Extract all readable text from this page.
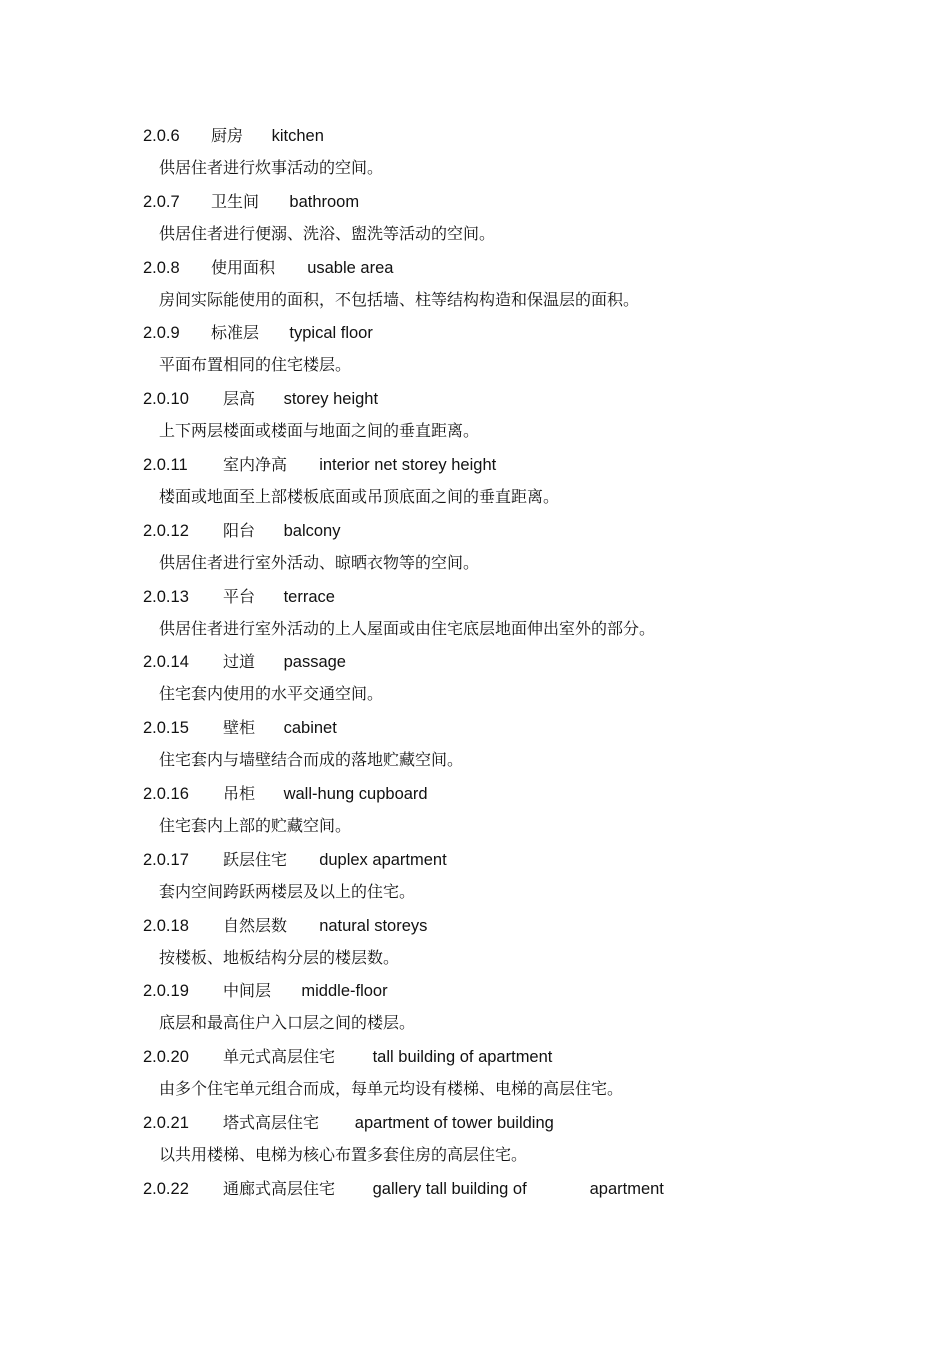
2.0.6 厨房 kitchen
供居住者进行炊事活动的空间。
2.0.7 卫生间 bathroom
供居住者进行便溺、洗浴、盥洗等活动的空间。
2.0.8 使用面积 usable area
房间实际能使用的面积，不包括墙、柱等结构构造和保温层的面积。
2.0.9 标准层 typical floor
平面布置相同的住宅楼层。
2.0.10 层高 storey height
上下两层楼面或楼面与地面之间的垂直距离。
2.0.11 室内净高 interior net storey height
楼面或地面至上部楼板底面或吊顶底面之间的垂直距离。
2.0.12 阳台 balcony
供居住者进行室外活动、晾晒衣物等的空间。
2.0.13 平台 terrace
供居住者进行室外活动的上人屋面或由住宅底层地面伸出室外的部分。
2.0.14 过道 passage
住宅套内使用的水平交通空间。
2.0.15 壁柜 cabinet
住宅套内与墙壁结合而成的落地贮藏空间。
2.0.16 吊柜 wall-hung cupboard
住宅套内上部的贮藏空间。
2.0.17 跃层住宅 duplex apartment
套内空间跨跃两楼层及以上的住宅。
2.0.18 自然层数 natural storeys
按楼板、地板结构分层的楼层数。
2.0.19 中间层 middle-floor
底层和最高住户入口层之间的楼层。
2.0.20 单元式高层住宅 tall building of apartment
由多个住宅单元组合而成，每单元均设有楼梯、电梯的高层住宅。
2.0.21 塔式高层住宅 apartment of tower building
以共用楼梯、电梯为核心布置多套住房的高层住宅。
2.0.22 通廊式高层住宅 gallery tall building of	apartment
